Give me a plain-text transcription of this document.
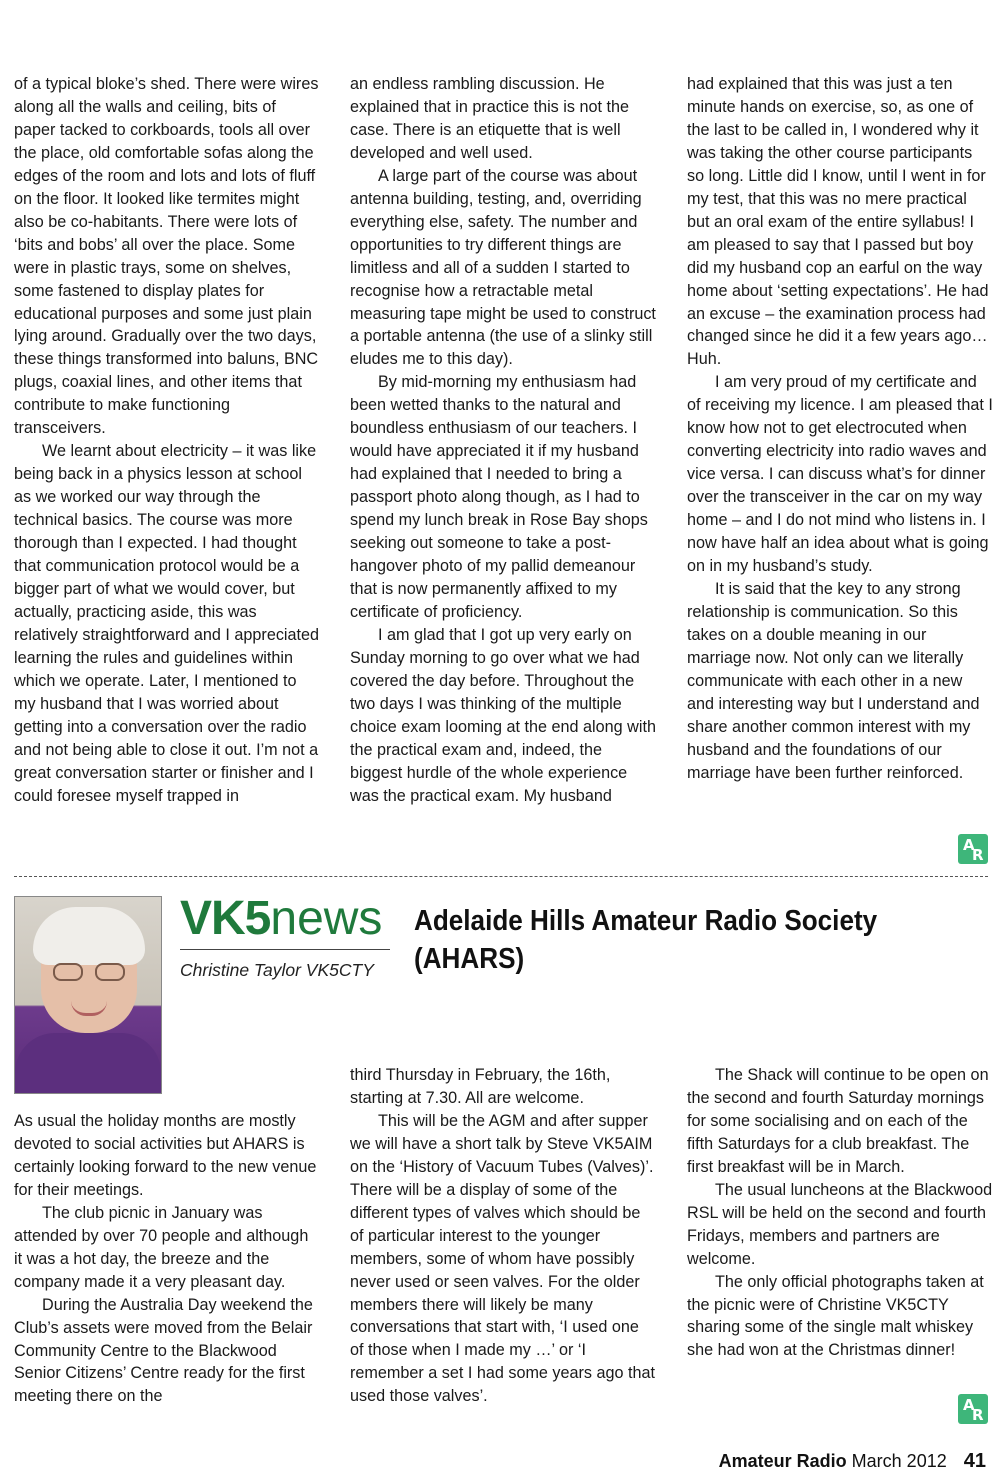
of a typical bloke’s shed. There were wires along all the walls and ceiling, bits of paper tacked to corkboards, tools all over the place, old comfortable sofas along the edges of the room and lots and lots of fluff on the floor. It looked like termites might also be co-habitants. There were lots of ‘bits and bobs’ all over the place. Some were in plastic trays, some on shelves, some fastened to display plates for educational purposes and some just plain lying around. Gradually over the two days, these things transformed into baluns, BNC plugs, coaxial lines, and other items that contribute to make functioning transceivers.

We learnt about electricity – it was like being back in a physics lesson at school as we worked our way through the technical basics. The course was more thorough than I expected. I had thought that communication protocol would be a bigger part of what we would cover, but actually, practicing aside, this was relatively straightforward and I appreciated learning the rules and guidelines within which we operate. Later, I mentioned to my husband that I was worried about getting into a conversation over the radio and not being able to close it out. I’m not a great conversation starter or finisher and I could foresee myself trapped in

an endless rambling discussion. He explained that in practice this is not the case. There is an etiquette that is well developed and well used.

A large part of the course was about antenna building, testing, and, overriding everything else, safety. The number and opportunities to try different things are limitless and all of a sudden I started to recognise how a retractable metal measuring tape might be used to construct a portable antenna (the use of a slinky still eludes me to this day).

By mid-morning my enthusiasm had been wetted thanks to the natural and boundless enthusiasm of our teachers. I would have appreciated it if my husband had explained that I needed to bring a passport photo along though, as I had to spend my lunch break in Rose Bay shops seeking out someone to take a post-hangover photo of my pallid demeanour that is now permanently affixed to my certificate of proficiency.

I am glad that I got up very early on Sunday morning to go over what we had covered the day before. Throughout the two days I was thinking of the multiple choice exam looming at the end along with the practical exam and, indeed, the biggest hurdle of the whole experience was the practical exam. My husband

had explained that this was just a ten minute hands on exercise, so, as one of the last to be called in, I wondered why it was taking the other course participants so long. Little did I know, until I went in for my test, that this was no mere practical but an oral exam of the entire syllabus! I am pleased to say that I passed but boy did my husband cop an earful on the way home about ‘setting expectations’. He had an excuse – the examination process had changed since he did it a few years ago…Huh.

I am very proud of my certificate and of receiving my licence. I am pleased that I know how not to get electrocuted when converting electricity into radio waves and vice versa. I can discuss what’s for dinner over the transceiver in the car on my way home – and I do not mind who listens in. I now have half an idea about what is going on in my husband’s study.

It is said that the key to any strong relationship is communication. So this takes on a double meaning in our marriage now. Not only can we literally communicate with each other in a new and interesting way but I understand and share another common interest with my husband and the foundations of our marriage have been further reinforced.

A
R
VK5news
Christine Taylor VK5CTY
Adelaide Hills Amateur Radio Society (AHARS)

As usual the holiday months are mostly devoted to social activities but AHARS is certainly looking forward to the new venue for their meetings.

The club picnic in January was attended by over 70 people and although it was a hot day, the breeze and the company made it a very pleasant day.

During the Australia Day weekend the Club’s assets were moved from the Belair Community Centre to the Blackwood Senior Citizens’ Centre ready for the first meeting there on the

third Thursday in February, the 16th, starting at 7.30. All are welcome.

This will be the AGM and after supper we will have a short talk by Steve VK5AIM on the ‘History of Vacuum Tubes (Valves)’. There will be a display of some of the different types of valves which should be of particular interest to the younger members, some of whom have possibly never used or seen valves. For the older members there will likely be many conversations that start with, ‘I used one of those when I made my …’ or ‘I remember a set I had some years ago that used those valves’.

The Shack will continue to be open on the second and fourth Saturday mornings for some socialising and on each of the fifth Saturdays for a club breakfast. The first breakfast will be in March.

The usual luncheons at the Blackwood RSL will be held on the second and fourth Fridays, members and partners are welcome.

The only official photographs taken at the picnic were of Christine VK5CTY sharing some of the single malt whiskey she had won at the Christmas dinner!

A
R
Amateur Radio March 2012 41
